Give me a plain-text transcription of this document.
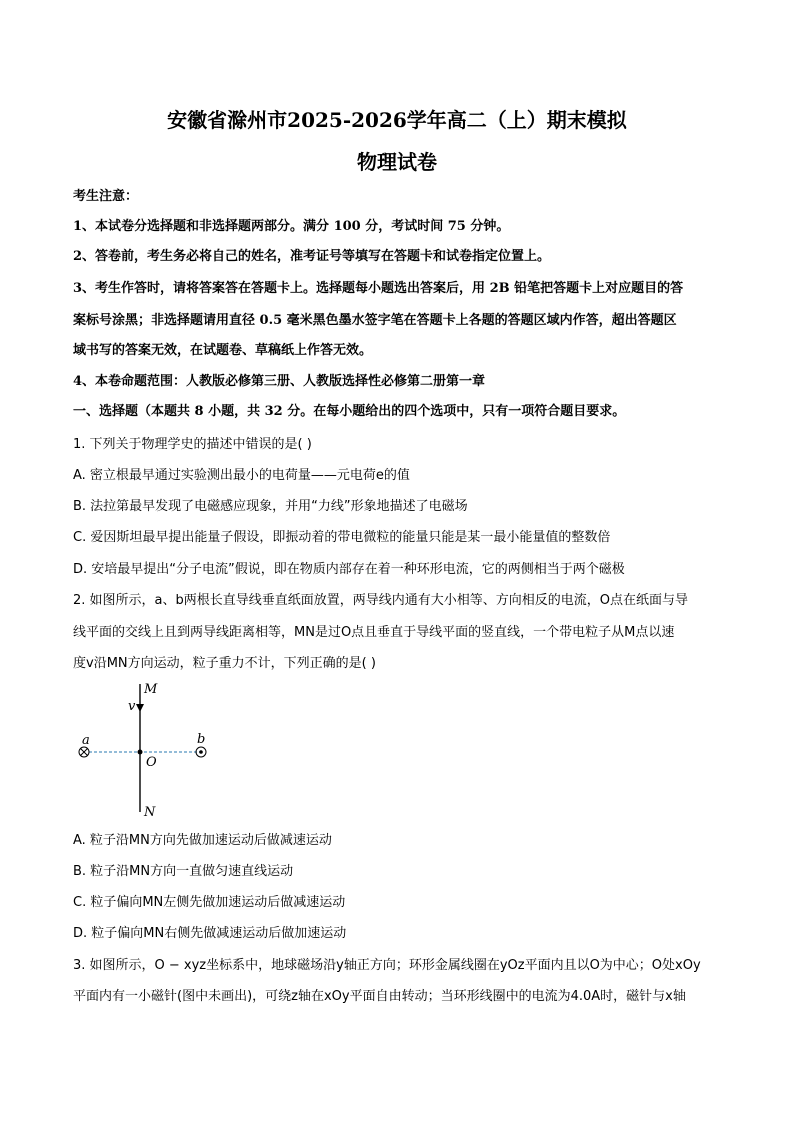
安徽省滁州市2025-2026学年高二（上）期末模拟
物理试卷
考生注意：
1、本试卷分选择题和非选择题两部分。满分 100 分，考试时间 75 分钟。
2、答卷前，考生务必将自己的姓名，准考证号等填写在答题卡和试卷指定位置上。
3、考生作答时，请将答案答在答题卡上。选择题每小题选出答案后，用 2B 铅笔把答题卡上对应题目的答
案标号涂黑；非选择题请用直径 0.5 毫米黑色墨水签字笔在答题卡上各题的答题区域内作答，超出答题区
域书写的答案无效，在试题卷、草稿纸上作答无效。
4、本卷命题范围：人教版必修第三册、人教版选择性必修第二册第一章
一、选择题（本题共 8 小题，共 32 分。在每小题给出的四个选项中，只有一项符合题目要求。
1. 下列关于物理学史的描述中错误的是( )
A. 密立根最早通过实验测出最小的电荷量——元电荷e的值
B. 法拉第最早发现了电磁感应现象，并用“力线”形象地描述了电磁场
C. 爱因斯坦最早提出能量子假设，即振动着的带电微粒的能量只能是某一最小能量值的整数倍
D. 安培最早提出“分子电流”假说，即在物质内部存在着一种环形电流，它的两侧相当于两个磁极
2. 如图所示，a、b两根长直导线垂直纸面放置，两导线内通有大小相等、方向相反的电流，O点在纸面与导
线平面的交线上且到两导线距离相等，MN是过O点且垂直于导线平面的竖直线，一个带电粒子从M点以速
度v沿MN方向运动，粒子重力不计，下列正确的是( )
M
v
O
a	b
N
A. 粒子沿MN方向先做加速运动后做减速运动
B. 粒子沿MN方向一直做匀速直线运动
C. 粒子偏向MN左侧先做加速运动后做减速运动
D. 粒子偏向MN右侧先做减速运动后做加速运动
3. 如图所示，O − xyz坐标系中，地球磁场沿y轴正方向；环形金属线圈在yOz平面内且以O为中心；O处xOy
平面内有一小磁针(图中未画出)，可绕z轴在xOy平面自由转动；当环形线圈中的电流为4.0A时，磁针与x轴
